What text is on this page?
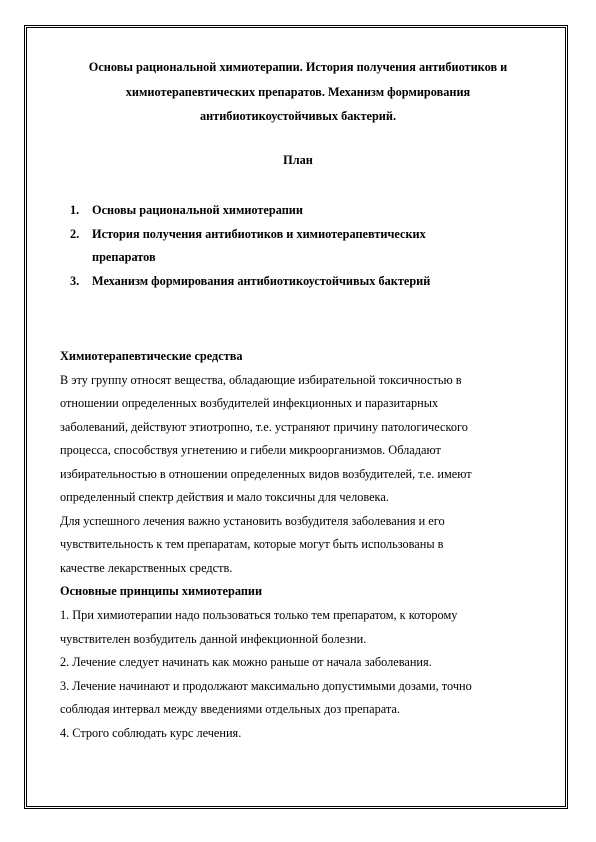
Основы рациональной химиотерапии. История получения антибиотиков и
химиотерапевтических препаратов. Механизм формирования
антибиотикоустойчивых бактерий.
План
1. Основы рациональной химиотерапии
2. История получения антибиотиков и химиотерапевтических
препаратов
3. Механизм формирования антибиотикоустойчивых бактерий
Химиотерапевтические средства
В эту группу относят вещества, обладающие избирательной токсичностью в
отношении определенных возбудителей инфекционных и паразитарных
заболеваний, действуют этиотропно, т.е. устраняют причину патологического
процесса, способствуя угнетению и гибели микроорганизмов. Обладают
избирательностью в отношении определенных видов возбудителей, т.е. имеют
определенный спектр действия и мало токсичны для человека.
Для успешного лечения важно установить возбудителя заболевания и его
чувствительность к тем препаратам, которые могут быть использованы в
качестве лекарственных средств.
Основные принципы химиотерапии
1. При химиотерапии надо пользоваться только тем препаратом, к которому
чувствителен возбудитель данной инфекционной болезни.
2. Лечение следует начинать как можно раньше от начала заболевания.
3. Лечение начинают и продолжают максимально допустимыми дозами, точно
соблюдая интервал между введениями отдельных доз препарата.
4. Строго соблюдать курс лечения.
